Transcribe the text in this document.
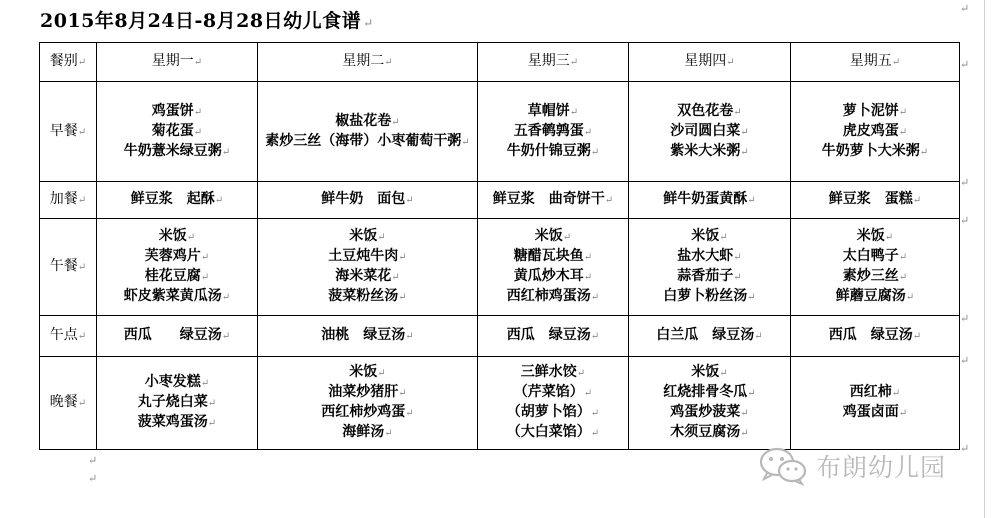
↵
↵
↵
↵
↵
↵
↵
2015年8月24日-8月28日幼儿食谱 ↵
餐别↵	星期一↵	星期二↵	星期三↵	星期四↵	星期五↵
早餐↵	鸡蛋饼↵
菊花蛋↵
牛奶薏米绿豆粥↵	椒盐花卷↵
素炒三丝（海带）小枣葡萄干粥↵	草帽饼↵
五香鹌鹑蛋↵
牛奶什锦豆粥↵	双色花卷↵
沙司圆白菜↵
紫米大米粥↵	萝卜泥饼↵
虎皮鸡蛋↵
牛奶萝卜大米粥↵

加餐↵	鲜豆浆　起酥↵	鲜牛奶　面包↵	鲜豆浆　曲奇饼干↵	鲜牛奶蛋黄酥↵	鲜豆浆　蛋糕↵

午餐↵	米饭↵
芙蓉鸡片↵
桂花豆腐↵
虾皮紫菜黄瓜汤↵	米饭↵
土豆炖牛肉↵
海米菜花↵
菠菜粉丝汤↵	米饭↵
糖醋瓦块鱼↵
黄瓜炒木耳↵
西红柿鸡蛋汤↵	米饭↵
盐水大虾↵
蒜香茄子↵
白萝卜粉丝汤↵	米饭↵
太白鸭子↵
素炒三丝↵
鲜蘑豆腐汤↵

午点↵	西瓜　　绿豆汤↵	油桃　绿豆汤↵	西瓜　绿豆汤↵	白兰瓜　绿豆汤↵	西瓜　绿豆汤↵

晚餐↵	小枣发糕↵
丸子烧白菜↵
菠菜鸡蛋汤↵	米饭↵
油菜炒猪肝↵
西红柿炒鸡蛋↵
海鲜汤↵	三鲜水饺↵
（芹菜馅）↵
（胡萝卜馅）↵
（大白菜馅）↵	米饭↵
红烧排骨冬瓜↵
鸡蛋炒菠菜↵
木须豆腐汤↵	西红柿↵
鸡蛋卤面↵
↵
↵	布朗幼儿园
